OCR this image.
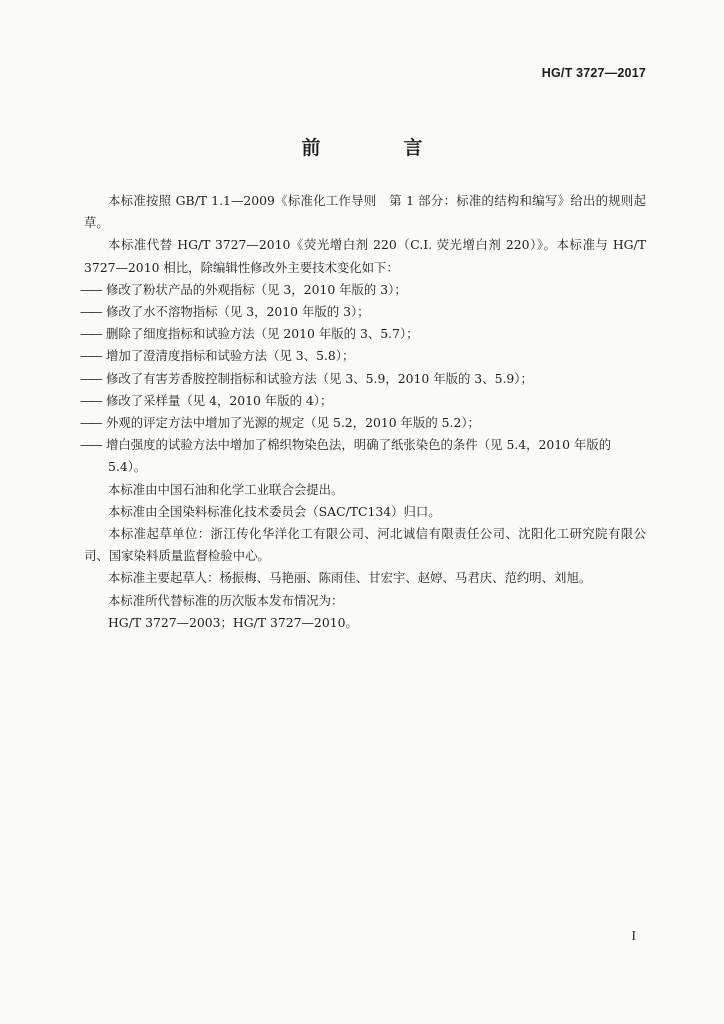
HG/T 3727—2017
前　言

本标准按照 GB/T 1.1—2009《标准化工作导则　第 1 部分：标准的结构和编写》给出的规则起草。

本标准代替 HG/T 3727—2010《荧光增白剂 220（C.I. 荧光增白剂 220）》。本标准与 HG/T 3727—2010 相比，除编辑性修改外主要技术变化如下：

—— 修改了粉状产品的外观指标（见 3，2010 年版的 3）；

—— 修改了水不溶物指标（见 3，2010 年版的 3）；

—— 删除了细度指标和试验方法（见 2010 年版的 3、5.7）；

—— 增加了澄清度指标和试验方法（见 3、5.8）；

—— 修改了有害芳香胺控制指标和试验方法（见 3、5.9，2010 年版的 3、5.9）；

—— 修改了采样量（见 4，2010 年版的 4）；

—— 外观的评定方法中增加了光源的规定（见 5.2，2010 年版的 5.2）；

—— 增白强度的试验方法中增加了棉织物染色法，明确了纸张染色的条件（见 5.4，2010 年版的 5.4）。

本标准由中国石油和化学工业联合会提出。

本标准由全国染料标准化技术委员会（SAC/TC134）归口。

本标准起草单位：浙江传化华洋化工有限公司、河北诚信有限责任公司、沈阳化工研究院有限公司、国家染料质量监督检验中心。

本标准主要起草人：杨振梅、马艳丽、陈雨佳、甘宏宇、赵婷、马君庆、范约明、刘旭。

本标准所代替标准的历次版本发布情况为：

HG/T 3727—2003；HG/T 3727—2010。

I
